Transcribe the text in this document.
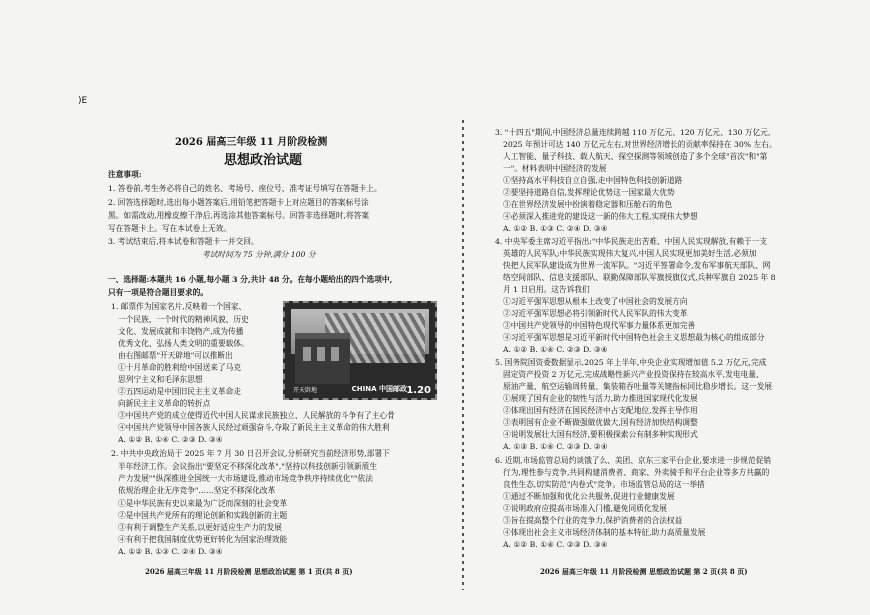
)E
2026 届高三年级 11 月阶段检测
思想政治试题
注意事项:
1. 答卷前,考生务必将自己的姓名、考场号、座位号、准考证号填写在答题卡上。
2. 回答选择题时,选出每小题答案后,用铅笔把答题卡上对应题目的答案标号涂
黑。如需改动,用橡皮擦干净后,再选涂其他答案标号。回答非选择题时,将答案
写在答题卡上。写在本试卷上无效。
3. 考试结束后,将本试卷和答题卡一并交回。
考试时间为 75 分钟,满分 100 分
一、选择题:本题共 16 小题,每小题 3 分,共计 48 分。在每小题给出的四个选项中,
只有一项是符合题目要求的。
1. 邮票作为国家名片,反映着一个国家、
一个民族、一个时代的精神风貌、历史
文化、发展成就和丰饶物产,成为传播
优秀文化、弘扬人类文明的重要载体。
由右图邮票"开天辟地"可以推断出
①十月革命的胜利给中国送来了马克
思列宁主义和毛泽东思想
②五四运动是中国旧民主主义革命走
向新民主主义革命的转折点
③中国共产党的成立使得近代中国人民谋求民族独立、人民解放的斗争有了主心骨
④中国共产党领导中国各族人民经过顽强奋斗,夺取了新民主主义革命的伟大胜利
A. ①② B. ①④ C. ②③ D. ③④
开天辟地	CHINA 中国邮政 1.20
2. 中共中央政治局于 2025 年 7 月 30 日召开会议,分析研究当前经济形势,部署下
半年经济工作。会议指出"要坚定不移深化改革","坚持以科技创新引领新质生
产力发展""纵深推进全国统一大市场建设,推动市场竞争秩序持续优化""依法
依规治理企业无序竞争"……坚定不移深化改革
①是中华民族有史以来最为广泛而深刻的社会变革
②是中国共产党所有的理论创新和实践创新的主题
③有利于调整生产关系,以更好适应生产力的发展
④有利于把我国制度优势更好转化为国家治理效能
A. ①② B. ①③ C. ②④ D. ③④
2026 届高三年级 11 月阶段检测 思想政治试题 第 1 页(共 8 页)
3. "十四五"期间,中国经济总量连续跨越 110 万亿元、120 万亿元、130 万亿元,
2025 年预计可达 140 万亿元左右,对世界经济增长的贡献率保持在 30% 左右。
人工智能、量子科技、载人航天、探空探测等领域创造了多个全球"首次"和"第
一"。材料表明中国经济的发展
①坚持高水平科技自立自强,走中国特色科技创新道路
②要坚持道路自信,发挥理论优势这一国家最大优势
③在世界经济发展中扮演着稳定器和压舱石的角色
④必须深入推进党的建设这一新的伟大工程,实现伟大梦想
A. ①② B. ①③ C. ②④ D. ③④
4. 中央军委主席习近平指出:"中华民族走出苦难、中国人民实现解放,有赖于一支
英雄的人民军队;中华民族实现伟大复兴,中国人民实现更加美好生活,必须加
快把人民军队建设成为世界一流军队。"习近平签署命令,发布军事航天部队、网
络空间部队、信息支援部队、联勤保障部队军旗授旗仪式,兵种军旗自 2025 年 8
月 1 日启用。这告诉我们
①习近平强军思想从根本上改变了中国社会的发展方向
②习近平强军思想必将引领新时代人民军队的伟大变革
③中国共产党领导的中国特色现代军事力量体系更加完善
④习近平强军思想是习近平新时代中国特色社会主义思想最为核心的组成部分
A. ①② B. ①④ C. ②③ D. ③④
5. 国务院国资委数据显示,2025 年上半年,中央企业实现增加值 5.2 万亿元,完成
固定资产投资 2 万亿元,完成战略性新兴产业投资保持在较高水平,发电电量、
原油产量、航空运输周转量、集装箱吞吐量等关键指标同比稳步增长。这一发展
①展现了国有企业的韧性与活力,助力推进国家现代化发展
②体现出国有经济在国民经济中占支配地位,发挥主导作用
③表明国有企业不断做强做优做大,国有经济加快结构调整
④说明发展壮大国有经济,要积极探索公有制多种实现形式
A. ①③ B. ①④ C. ②③ D. ②④
6. 近期,市场监管总局约谈饿了么、美团、京东三家平台企业,要求进一步规范促销
行为,理性参与竞争,共同构建消费者、商家、外卖骑手和平台企业等多方共赢的
良性生态,切实防范"内卷式"竞争。市场监管总局的这一举措
①通过不断加强和优化公共服务,促进行业健康发展
②说明政府应提高市场准入门槛,避免同质化发展
③旨在提高整个行业的竞争力,保护消费者的合法权益
④体现出社会主义市场经济体制的基本特征,助力高质量发展
A. ①② B. ①④ C. ②③ D. ③④
2026 届高三年级 11 月阶段检测 思想政治试题 第 2 页(共 8 页)
